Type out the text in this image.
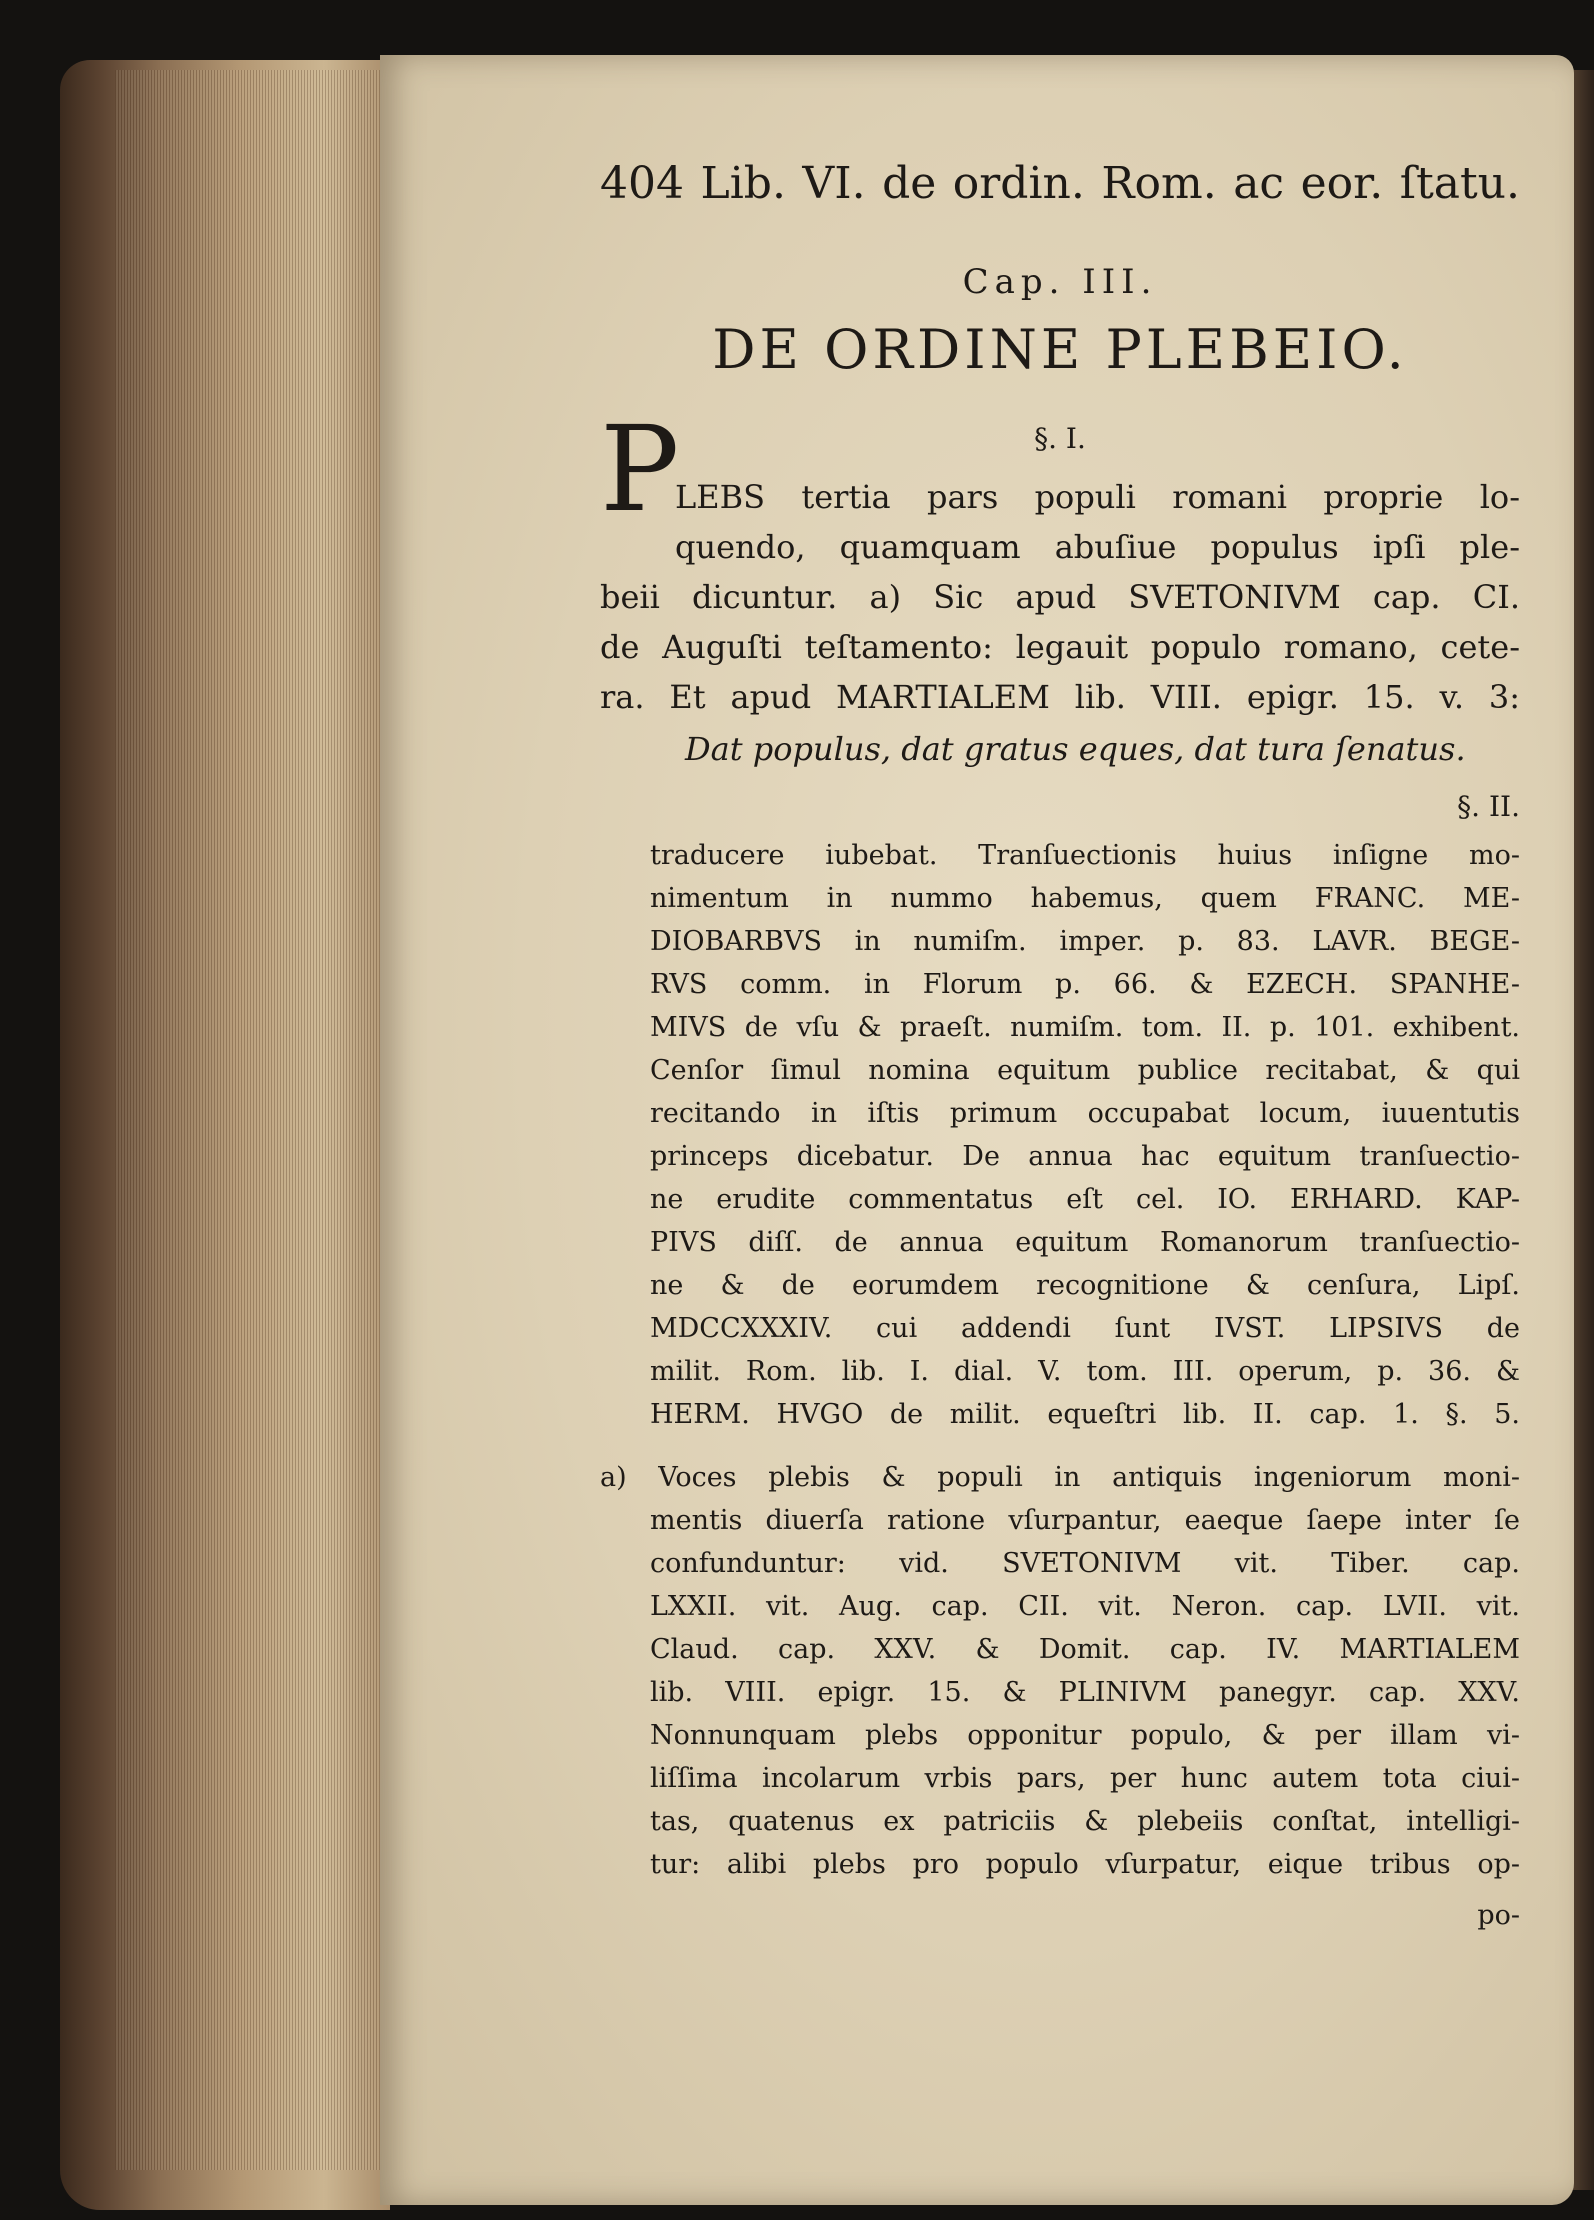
404 Lib. VI. de ordin. Rom. ac eor. ſtatu.
Cap. III.
DE ORDINE PLEBEIO.
§. I.
P
LEBS tertia pars populi romani proprie lo-
quendo, quamquam abuſiue populus ipſi ple-
beii dicuntur. a) Sic apud SVETONIVM cap. CI.
de Auguſti teſtamento: legauit populo romano, cete-
ra. Et apud MARTIALEM lib. VIII. epigr. 15. v. 3:
Dat populus, dat gratus eques, dat tura ſenatus.
§. II.
traducere iubebat. Tranſuectionis huius inſigne mo-
nimentum in nummo habemus, quem FRANC. ME-
DIOBARBVS in numiſm. imper. p. 83. LAVR. BEGE-
RVS comm. in Florum p. 66. & EZECH. SPANHE-
MIVS de vſu & praeſt. numiſm. tom. II. p. 101. exhibent.
Cenſor ſimul nomina equitum publice recitabat, & qui
recitando in iſtis primum occupabat locum, iuuentutis
princeps dicebatur. De annua hac equitum tranſuectio-
ne erudite commentatus eſt cel. IO. ERHARD. KAP-
PIVS diſſ. de annua equitum Romanorum tranſuectio-
ne & de eorumdem recognitione & cenſura, Lipſ.
MDCCXXXIV. cui addendi ſunt IVST. LIPSIVS de
milit. Rom. lib. I. dial. V. tom. III. operum, p. 36. &
HERM. HVGO de milit. equeſtri lib. II. cap. 1. §. 5.
a) Voces plebis & populi in antiquis ingeniorum moni-
mentis diuerſa ratione vſurpantur, eaeque ſaepe inter ſe
confunduntur: vid. SVETONIVM vit. Tiber. cap.
LXXII. vit. Aug. cap. CII. vit. Neron. cap. LVII. vit.
Claud. cap. XXV. & Domit. cap. IV. MARTIALEM
lib. VIII. epigr. 15. & PLINIVM panegyr. cap. XXV.
Nonnunquam plebs opponitur populo, & per illam vi-
liſſima incolarum vrbis pars, per hunc autem tota ciui-
tas, quatenus ex patriciis & plebeiis conſtat, intelligi-
tur: alibi plebs pro populo vſurpatur, eique tribus op-
po-
